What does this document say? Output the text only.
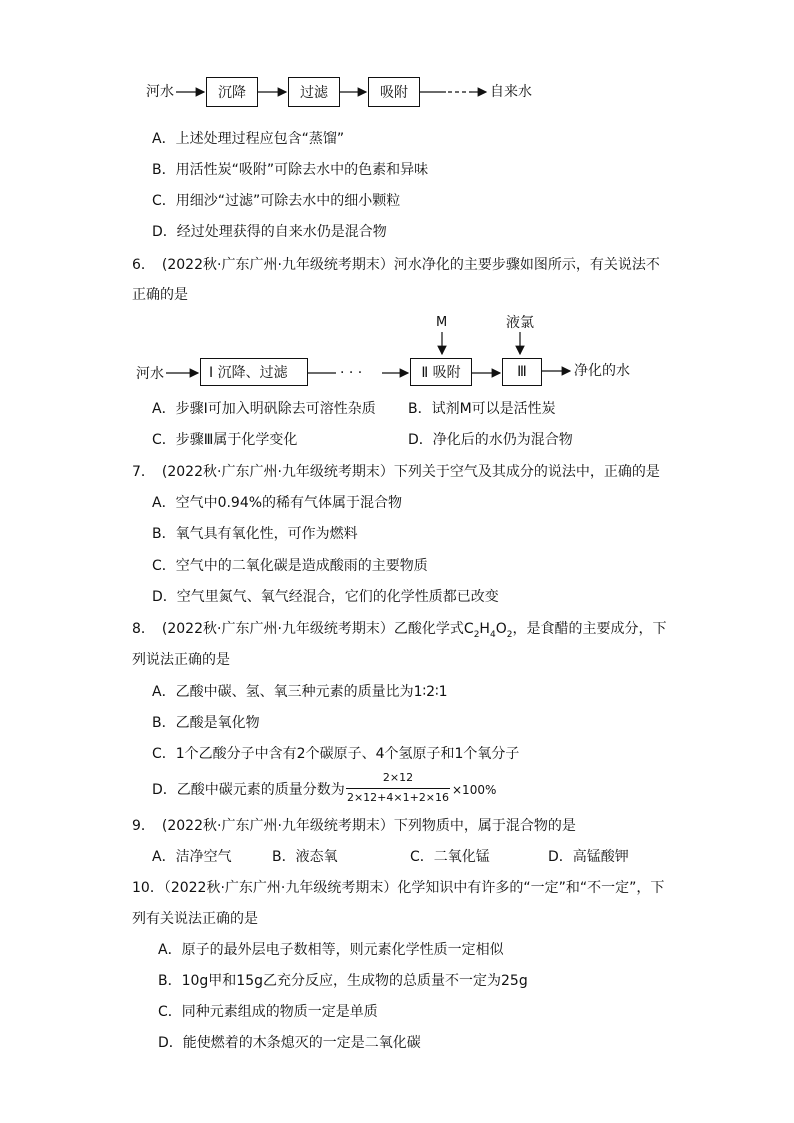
河水	沉降	过滤	吸附	自来水
A．上述处理过程应包含“蒸馏”
B．用活性炭“吸附”可除去水中的色素和异味
C．用细沙“过滤”可除去水中的细小颗粒
D．经过处理获得的自来水仍是混合物
6．　(2022秋·广东广州·九年级统考期末）河水净化的主要步骤如图所示，有关说法不
正确的是
河水	Ⅰ 沉降、过滤	· · ·	Ⅱ 吸附	Ⅲ
M	液氯
净化的水
A．步骤Ⅰ可加入明矾除去可溶性杂质 B．试剂M可以是活性炭
C．步骤Ⅲ属于化学变化	D．净化后的水仍为混合物
7．　(2022秋·广东广州·九年级统考期末）下列关于空气及其成分的说法中，正确的是
A．空气中0.94%的稀有气体属于混合物
B．氧气具有氧化性，可作为燃料
C．空气中的二氧化碳是造成酸雨的主要物质
D．空气里氮气、氧气经混合，它们的化学性质都已改变
8．　(2022秋·广东广州·九年级统考期末）乙酸化学式$C_2H_4O_2$，是食醋的主要成分，下
列说法正确的是
A．乙酸中碳、氢、氧三种元素的质量比为1∶2∶1
B．乙酸是氧化物
C．1个乙酸分子中含有2个碳原子、4个氢原子和1个氧分子
D．乙酸中碳元素的质量分数为
2×12
2×12+4×1+2×16
×100%
9．　(2022秋·广东广州·九年级统考期末）下列物质中，属于混合物的是
A．洁净空气	B．液态氧	C．二氧化锰	D．高锰酸钾
10．（2022秋·广东广州·九年级统考期末）化学知识中有许多的“一定”和“不一定”，下
列有关说法正确的是
A．原子的最外层电子数相等，则元素化学性质一定相似
B．10g甲和15g乙充分反应，生成物的总质量不一定为25g
C．同种元素组成的物质一定是单质
D．能使燃着的木条熄灭的一定是二氧化碳
